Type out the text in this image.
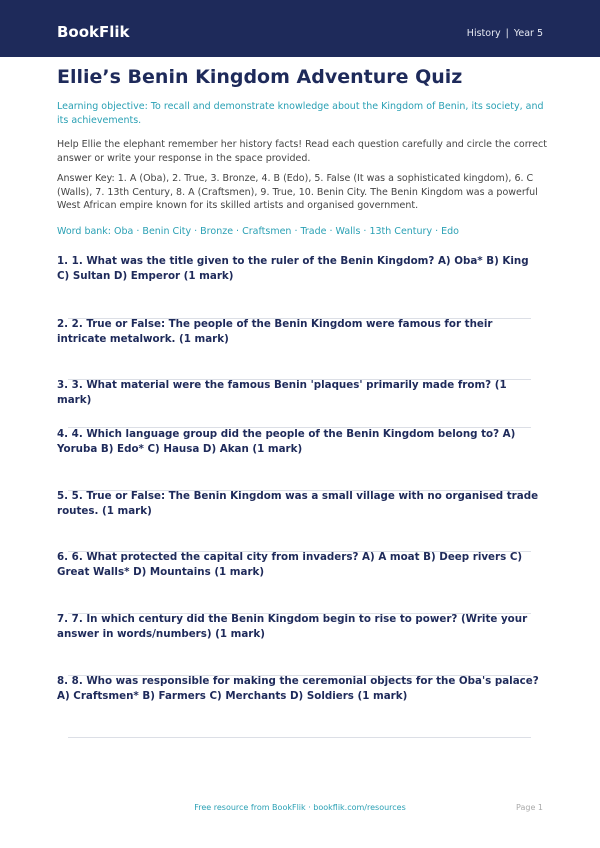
BookFlik	History | Year 5
Ellie’s Benin Kingdom Adventure Quiz
Learning objective: To recall and demonstrate knowledge about the Kingdom of Benin, its society, and its achievements.
Help Ellie the elephant remember her history facts! Read each question carefully and circle the correct answer or write your response in the space provided.
Answer Key: 1. A (Oba), 2. True, 3. Bronze, 4. B (Edo), 5. False (It was a sophisticated kingdom), 6. C (Walls), 7. 13th Century, 8. A (Craftsmen), 9. True, 10. Benin City. The Benin Kingdom was a powerful West African empire known for its skilled artists and organised government.
Word bank: Oba · Benin City · Bronze · Craftsmen · Trade · Walls · 13th Century · Edo
1. 1. What was the title given to the ruler of the Benin Kingdom? A) Oba* B) King C) Sultan D) Emperor (1 mark)
2. 2. True or False: The people of the Benin Kingdom were famous for their intricate metalwork. (1 mark)
3. 3. What material were the famous Benin 'plaques' primarily made from? (1 mark)
4. 4. Which language group did the people of the Benin Kingdom belong to? A) Yoruba B) Edo* C) Hausa D) Akan (1 mark)
5. 5. True or False: The Benin Kingdom was a small village with no organised trade routes. (1 mark)
6. 6. What protected the capital city from invaders? A) A moat B) Deep rivers C) Great Walls* D) Mountains (1 mark)
7. 7. In which century did the Benin Kingdom begin to rise to power? (Write your answer in words/numbers) (1 mark)
8. 8. Who was responsible for making the ceremonial objects for the Oba's palace? A) Craftsmen* B) Farmers C) Merchants D) Soldiers (1 mark)
Free resource from BookFlik · bookflik.com/resources	Page 1
